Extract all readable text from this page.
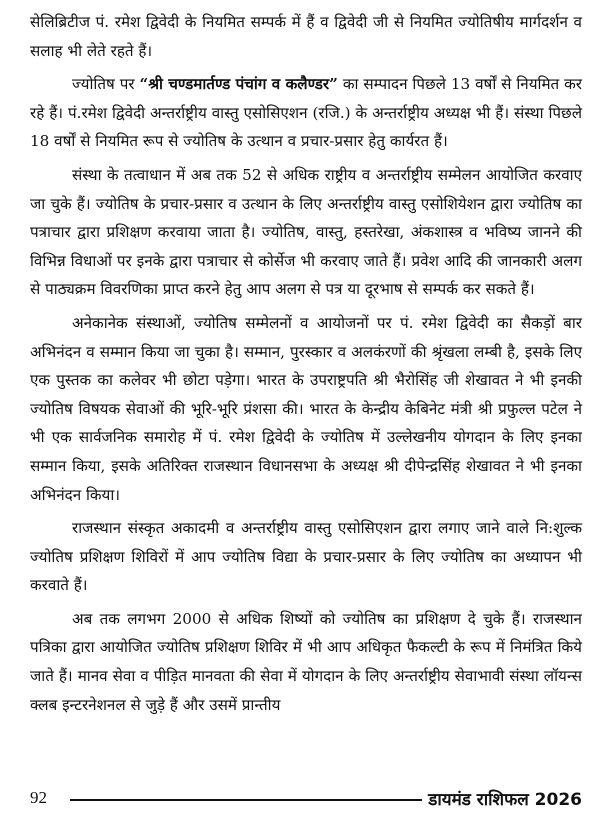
सेलिब्रिटीज पं. रमेश द्विवेदी के नियमित सम्पर्क में हैं व द्विवेदी जी से नियमित ज्योतिषीय मार्गदर्शन व सलाह भी लेते रहते हैं।

ज्योतिष पर “श्री चण्डमार्तण्ड पंचांग व कलैण्डर” का सम्पादन पिछले 13 वर्षों से नियमित कर रहे हैं। पं.रमेश द्विवेदी अन्तर्राष्ट्रीय वास्तु एसोसिएशन (रजि.) के अन्तर्राष्ट्रीय अध्यक्ष भी हैं। संस्था पिछले 18 वर्षों से नियमित रूप से ज्योतिष के उत्थान व प्रचार-प्रसार हेतु कार्यरत हैं।

संस्था के तत्वाधान में अब तक 52 से अधिक राष्ट्रीय व अन्तर्राष्ट्रीय सम्मेलन आयोजित करवाए जा चुके हैं। ज्योतिष के प्रचार-प्रसार व उत्थान के लिए अन्तर्राष्ट्रीय वास्तु एसोशियेशन द्वारा ज्योतिष का पत्राचार द्वारा प्रशिक्षण करवाया जाता है। ज्योतिष, वास्तु, हस्तरेखा, अंकशास्त्र व भविष्य जानने की विभिन्न विधाओं पर इनके द्वारा पत्राचार से कोर्सेज भी करवाए जाते हैं। प्रवेश आदि की जानकारी अलग से पाठ्यक्रम विवरणिका प्राप्त करने हेतु आप अलग से पत्र या दूरभाष से सम्पर्क कर सकते हैं।

अनेकानेक संस्थाओं, ज्योतिष सम्मेलनों व आयोजनों पर पं. रमेश द्विवेदी का सैकड़ों बार अभिनंदन व सम्मान किया जा चुका है। सम्मान, पुरस्कार व अलकंरणों की श्रृंखला लम्बी है, इसके लिए एक पुस्तक का कलेवर भी छोटा पड़ेगा। भारत के उपराष्ट्रपति श्री भैरोसिंह जी शेखावत ने भी इनकी ज्योतिष विषयक सेवाओं की भूरि-भूरि प्रंशसा की। भारत के केन्द्रीय केबिनेट मंत्री श्री प्रफुल्ल पटेल ने भी एक सार्वजनिक समारोह में पं. रमेश द्विवेदी के ज्योतिष में उल्लेखनीय योगदान के लिए इनका सम्मान किया, इसके अतिरिक्त राजस्थान विधानसभा के अध्यक्ष श्री दीपेन्द्रसिंह शेखावत ने भी इनका अभिनंदन किया।

राजस्थान संस्कृत अकादमी व अन्तर्राष्ट्रीय वास्तु एसोसिएशन द्वारा लगाए जाने वाले नि:शुल्क ज्योतिष प्रशिक्षण शिविरों में आप ज्योतिष विद्या के प्रचार-प्रसार के लिए ज्योतिष का अध्यापन भी करवाते हैं।

अब तक लगभग 2000 से अधिक शिष्यों को ज्योतिष का प्रशिक्षण दे चुके हैं। राजस्थान पत्रिका द्वारा आयोजित ज्योतिष प्रशिक्षण शिविर में भी आप अधिकृत फैकल्टी के रूप में निमंत्रित किये जाते हैं। मानव सेवा व पीड़ित मानवता की सेवा में योगदान के लिए अन्तर्राष्ट्रीय सेवाभावी संस्था लॉयन्स क्लब इन्टरनेशनल से जुड़े हैं और उसमें प्रान्तीय

92	डायमंड राशिफल 2026
